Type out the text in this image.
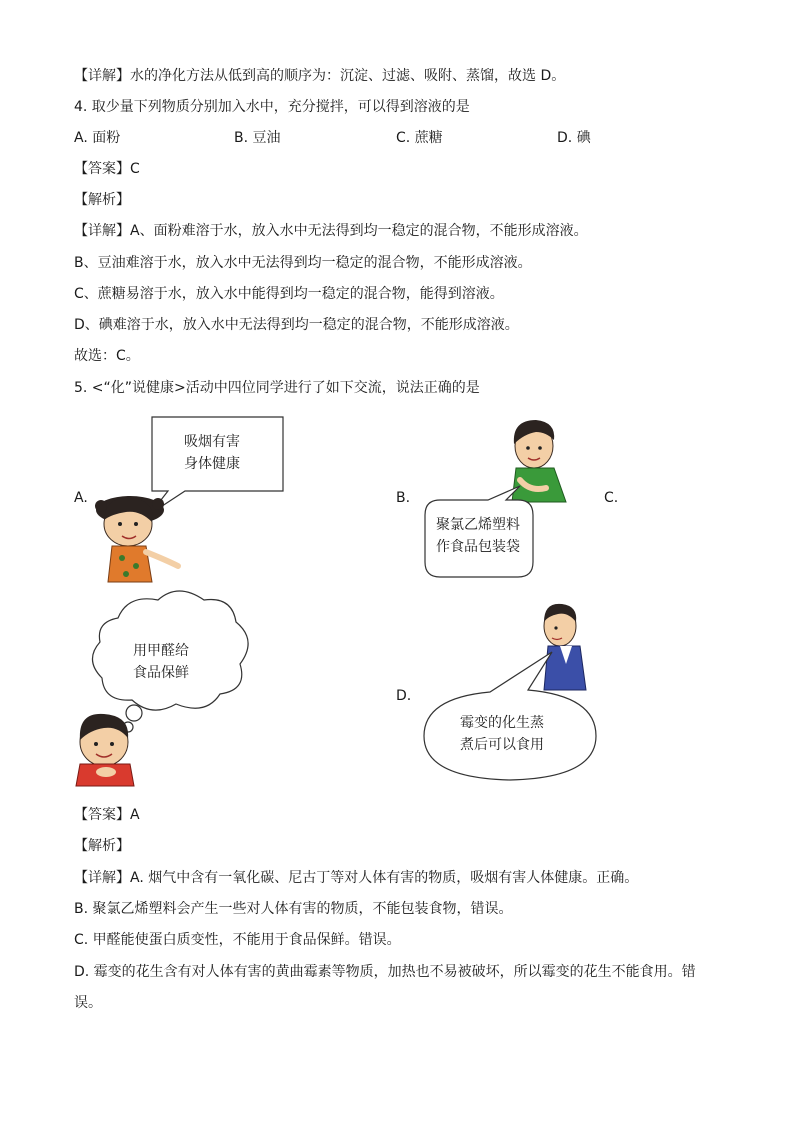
【详解】水的净化方法从低到高的顺序为：沉淀、过滤、吸附、蒸馏，故选 D。
4. 取少量下列物质分别加入水中，充分搅拌，可以得到溶液的是
A. 面粉	B. 豆油	C. 蔗糖	D. 碘
【答案】C
【解析】
【详解】A、面粉难溶于水，放入水中无法得到均一稳定的混合物，不能形成溶液。
B、豆油难溶于水，放入水中无法得到均一稳定的混合物，不能形成溶液。
C、蔗糖易溶于水，放入水中能得到均一稳定的混合物，能得到溶液。
D、碘难溶于水，放入水中无法得到均一稳定的混合物，不能形成溶液。
故选：C。
5. <“化”说健康>活动中四位同学进行了如下交流，说法正确的是
A.	B.	C.
D.
吸烟有害
身体健康
聚氯乙烯塑料
作食品包装袋
用甲醛给
食品保鲜
霉变的化生蒸
煮后可以食用
【答案】A
【解析】
【详解】A. 烟气中含有一氧化碳、尼古丁等对人体有害的物质，吸烟有害人体健康。正确。
B. 聚氯乙烯塑料会产生一些对人体有害的物质，不能包装食物，错误。
C. 甲醛能使蛋白质变性，不能用于食品保鲜。错误。
D. 霉变的花生含有对人体有害的黄曲霉素等物质，加热也不易被破坏，所以霉变的花生不能食用。错
误。
